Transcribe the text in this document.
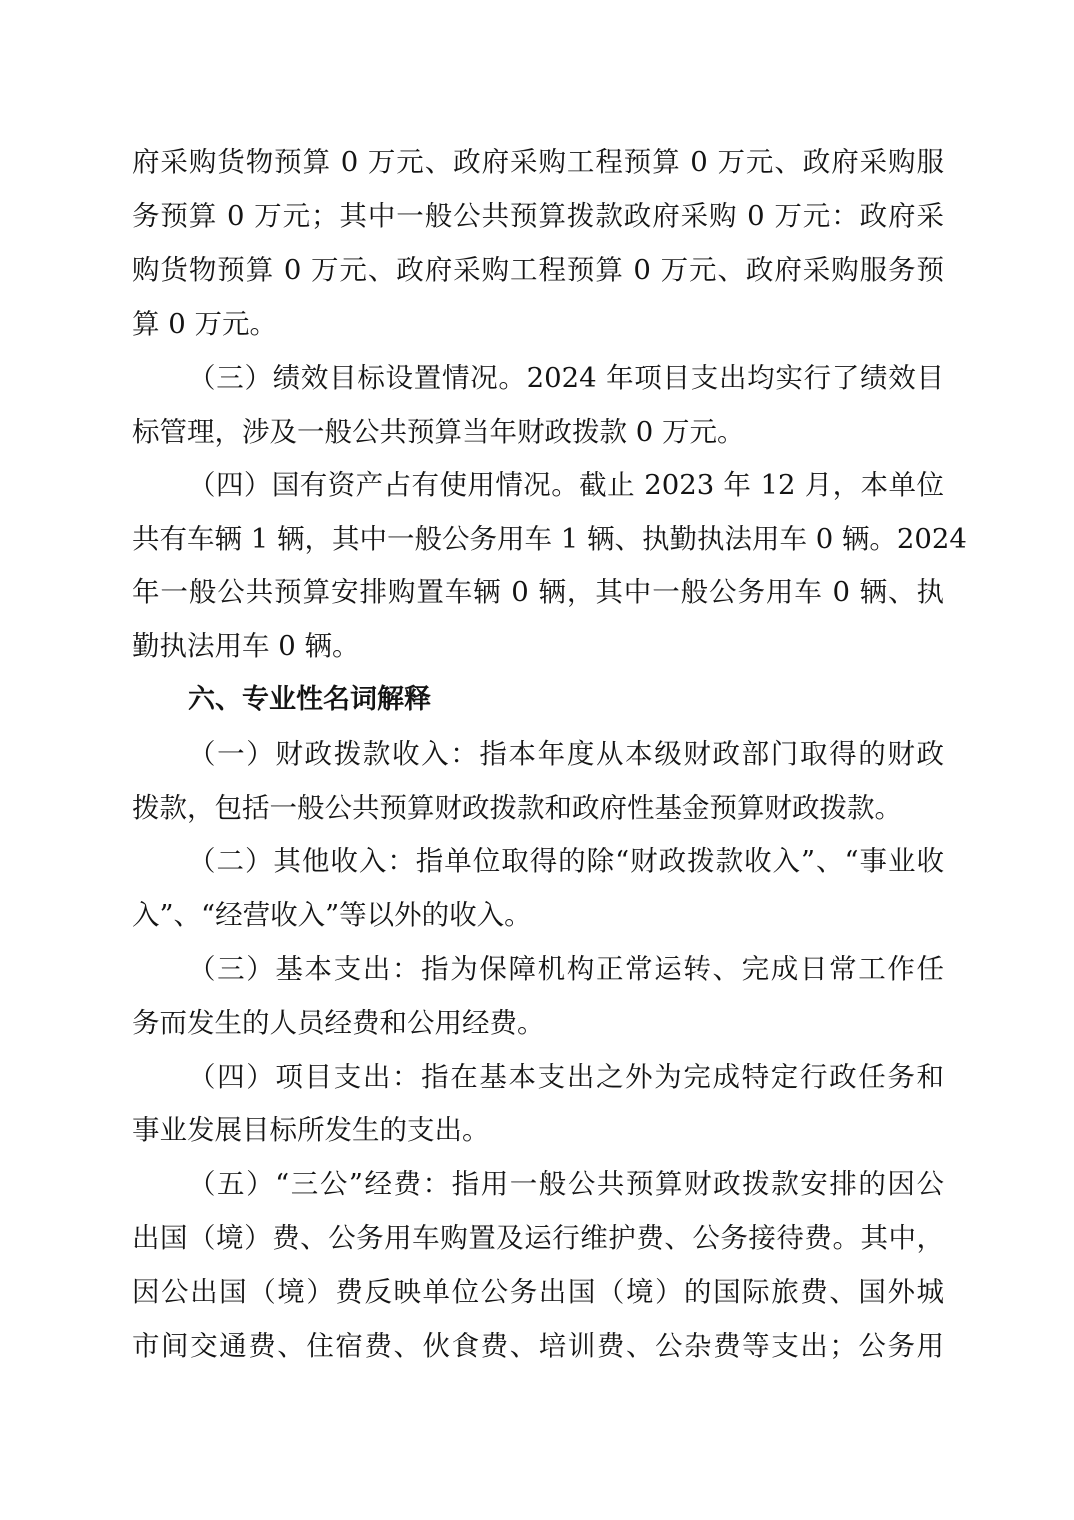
府采购货物预算 0 万元、政府采购工程预算 0 万元、政府采购服
务预算 0 万元；其中一般公共预算拨款政府采购 0 万元：政府采
购货物预算 0 万元、政府采购工程预算 0 万元、政府采购服务预
算 0 万元。
（三）绩效目标设置情况。2024 年项目支出均实行了绩效目
标管理，涉及一般公共预算当年财政拨款 0 万元。
（四）国有资产占有使用情况。截止 2023 年 12 月，本单位
共有车辆 1 辆，其中一般公务用车 1 辆、执勤执法用车 0 辆。2024
年一般公共预算安排购置车辆 0 辆，其中一般公务用车 0 辆、执
勤执法用车 0 辆。
六、专业性名词解释
（一）财政拨款收入：指本年度从本级财政部门取得的财政
拨款，包括一般公共预算财政拨款和政府性基金预算财政拨款。
（二）其他收入：指单位取得的除“财政拨款收入”、“事业收
入”、“经营收入”等以外的收入。
（三）基本支出：指为保障机构正常运转、完成日常工作任
务而发生的人员经费和公用经费。
（四）项目支出：指在基本支出之外为完成特定行政任务和
事业发展目标所发生的支出。
（五）“三公”经费：指用一般公共预算财政拨款安排的因公
出国（境）费、公务用车购置及运行维护费、公务接待费。其中，
因公出国（境）费反映单位公务出国（境）的国际旅费、国外城
市间交通费、住宿费、伙食费、培训费、公杂费等支出；公务用
